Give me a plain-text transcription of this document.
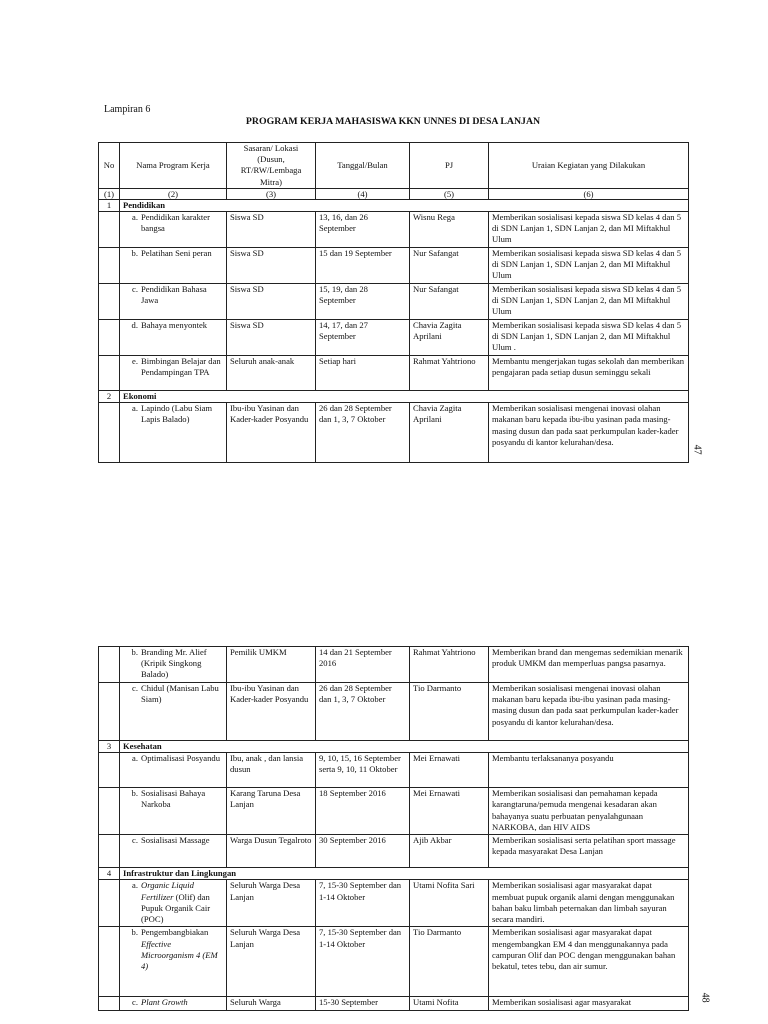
Lampiran 6
PROGRAM KERJA MAHASISWA KKN UNNES DI DESA LANJAN
47
48
No	Nama Program Kerja	Sasaran/ Lokasi (Dusun, RT/RW/Lembaga Mitra)	Tanggal/Bulan	PJ	Uraian Kegiatan yang Dilakukan
(1)	(2)	(3)	(4)	(5)	(6)
1	Pendidikan				

	a. Pendidikan karakter bangsa	Siswa SD	13, 16, dan 26 September	Wisnu Rega	Memberikan sosialisasi kepada siswa SD kelas 4 dan 5 di SDN Lanjan 1, SDN Lanjan 2, dan MI Miftakhul Ulum

	b. Pelatihan Seni peran	Siswa SD	15 dan 19 September	Nur Safangat	Memberikan sosialisasi kepada siswa SD kelas 4 dan 5 di SDN Lanjan 1, SDN Lanjan 2, dan MI Miftakhul Ulum

	c. Pendidikan Bahasa Jawa	Siswa SD	15, 19, dan 28 September	Nur Safangat	Memberikan sosialisasi kepada siswa SD kelas 4 dan 5 di SDN Lanjan 1, SDN Lanjan 2, dan MI Miftakhul Ulum

	d. Bahaya menyontek	Siswa SD	14, 17, dan 27 September	Chavia Zagita Aprilani	Memberikan sosialisasi kepada siswa SD kelas 4 dan 5 di SDN Lanjan 1, SDN Lanjan 2, dan MI Miftakhul Ulum .

	e. Bimbingan Belajar dan Pendampingan TPA	Seluruh anak-anak	Setiap hari	Rahmat Yahtriono	Membantu mengerjakan tugas sekolah dan memberikan pengajaran pada setiap dusun seminggu sekali
2	Ekonomi				

	a. Lapindo (Labu Siam Lapis Balado)	Ibu-ibu Yasinan dan Kader-kader Posyandu	26 dan 28 September dan 1, 3, 7 Oktober	Chavia Zagita Aprilani	Memberikan sosialisasi mengenai inovasi olahan makanan baru kepada ibu-ibu yasinan pada masing-masing dusun dan pada saat perkumpulan kader-kader posyandu di kantor kelurahan/desa.

	b. Branding Mr. Alief (Kripik Singkong Balado)	Pemilik UMKM	14 dan 21 September 2016	Rahmat Yahtriono	Memberikan brand dan mengemas sedemikian menarik produk UMKM dan memperluas pangsa pasarnya.

	c. Chidul (Manisan Labu Siam)	Ibu-ibu Yasinan dan Kader-kader Posyandu	26 dan 28 September dan 1, 3, 7 Oktober	Tio Darmanto	Memberikan sosialisasi mengenai inovasi olahan makanan baru kepada ibu-ibu yasinan pada masing-masing dusun dan pada saat perkumpulan kader-kader posyandu di kantor kelurahan/desa.
3	Kesehatan				

	a. Optimalisasi Posyandu	Ibu, anak , dan lansia dusun	9, 10, 15, 16 September serta 9, 10, 11 Oktober	Mei Ernawati	Membantu terlaksananya posyandu

	b. Sosialisasi Bahaya Narkoba	Karang Taruna Desa Lanjan	18 September 2016	Mei Ernawati	Memberikan sosialisasi dan pemahaman kepada karangtaruna/pemuda mengenai kesadaran akan bahayanya suatu perbuatan penyalahgunaan NARKOBA, dan HIV AIDS

	c. Sosialisasi Massage	Warga Dusun Tegalroto	30 September 2016	Ajib Akbar	Memberikan sosialisasi serta pelatihan sport massage kepada masyarakat Desa Lanjan
4	Infrastruktur dan Lingkungan				

	a. Organic Liquid Fertilizer (Olif) dan Pupuk Organik Cair (POC)	Seluruh Warga Desa Lanjan	7, 15-30 September dan 1-14 Oktober	Utami Nofita Sari	Memberikan sosialisasi agar masyarakat dapat membuat pupuk organik alami dengan menggunakan bahan baku limbah peternakan dan limbah sayuran secara mandiri.

	b. Pengembangbiakan Effective Microorganism 4 (EM 4)	Seluruh Warga Desa Lanjan	7, 15-30 September dan 1-14 Oktober	Tio Darmanto	Memberikan sosialisasi agar masyarakat dapat mengembangkan EM 4 dan menggunakannya pada campuran Olif dan POC dengan menggunakan bahan bekatul, tetes tebu, dan air sumur.

	c. Plant Growth	Seluruh Warga	15-30 September	Utami Nofita	Memberikan sosialisasi agar masyarakat
